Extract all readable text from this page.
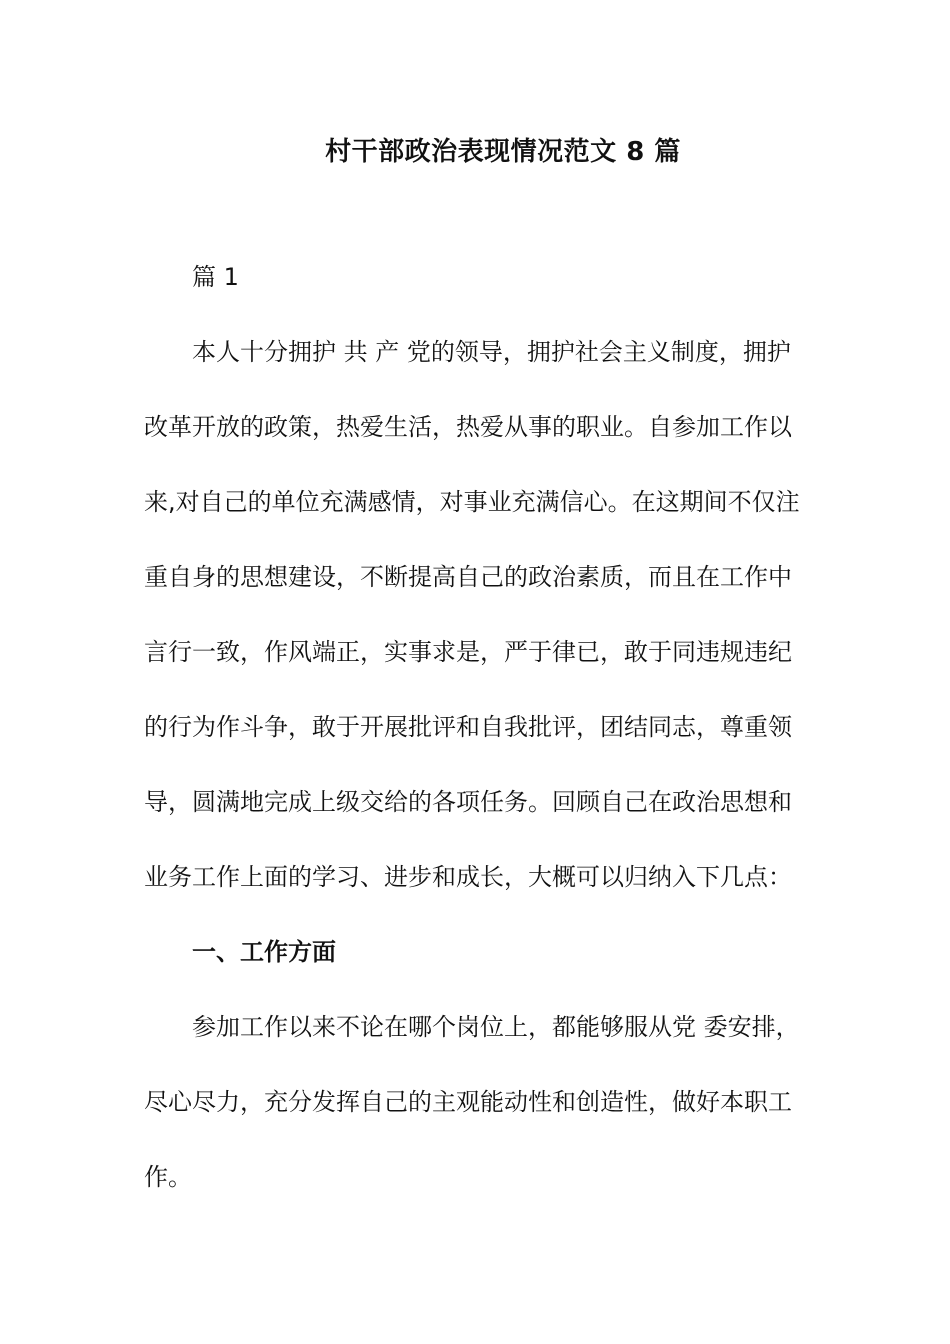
村干部政治表现情况范文 8 篇
篇 1
本人十分拥护 共 产 党的领导，拥护社会主义制度，拥护
改革开放的政策，热爱生活，热爱从事的职业。自参加工作以
来,对自己的单位充满感情，对事业充满信心。在这期间不仅注
重自身的思想建设，不断提高自己的政治素质，而且在工作中
言行一致，作风端正，实事求是，严于律已，敢于同违规违纪
的行为作斗争，敢于开展批评和自我批评，团结同志，尊重领
导，圆满地完成上级交给的各项任务。回顾自己在政治思想和
业务工作上面的学习、进步和成长，大概可以归纳入下几点：
一、工作方面
参加工作以来不论在哪个岗位上，都能够服从党 委安排，
尽心尽力，充分发挥自己的主观能动性和创造性，做好本职工
作。
